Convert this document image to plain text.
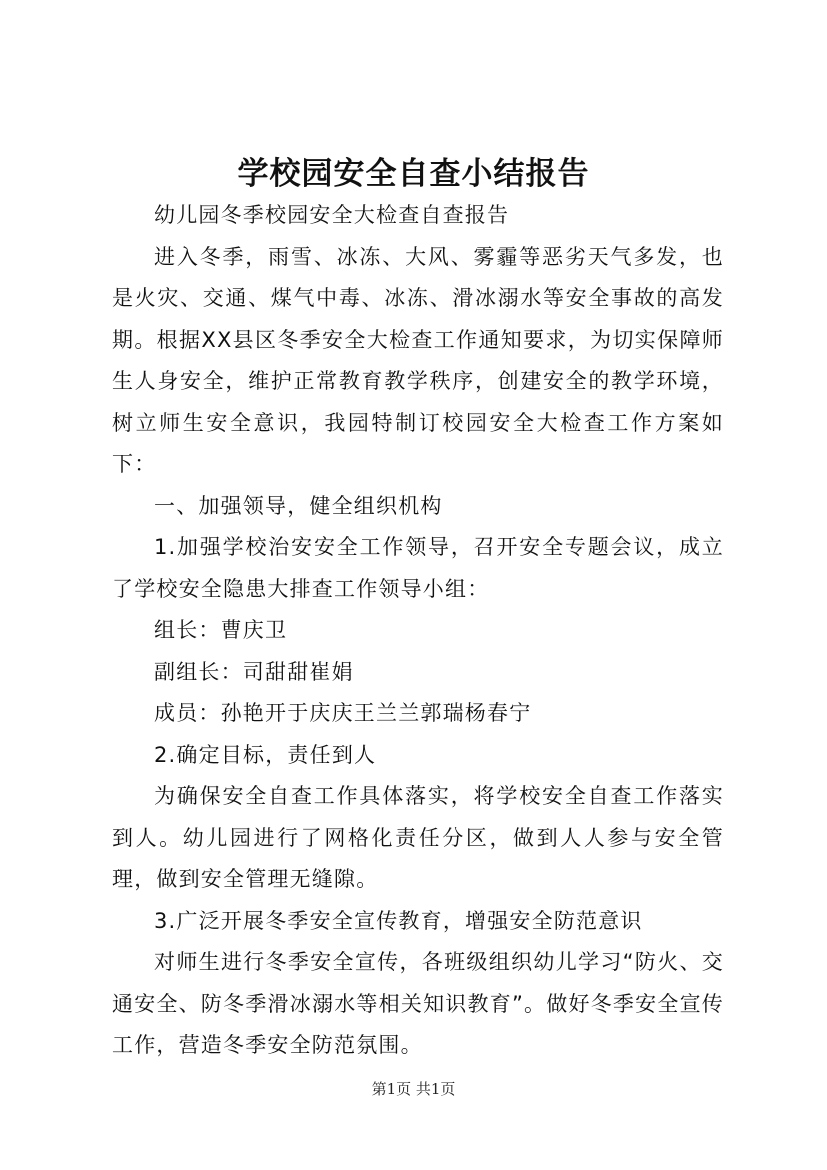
学校园安全自查小结报告

幼儿园冬季校园安全大检查自查报告

进入冬季，雨雪、冰冻、大风、雾霾等恶劣天气多发，也是火灾、交通、煤气中毒、冰冻、滑冰溺水等安全事故的高发期。根据XX县区冬季安全大检查工作通知要求，为切实保障师生人身安全，维护正常教育教学秩序，创建安全的教学环境，树立师生安全意识，我园特制订校园安全大检查工作方案如下：

一、加强领导，健全组织机构

1.加强学校治安安全工作领导，召开安全专题会议，成立了学校安全隐患大排查工作领导小组：

组长：曹庆卫

副组长：司甜甜崔娟

成员：孙艳开于庆庆王兰兰郭瑞杨春宁

2.确定目标，责任到人

为确保安全自查工作具体落实，将学校安全自查工作落实到人。幼儿园进行了网格化责任分区，做到人人参与安全管理，做到安全管理无缝隙。

3.广泛开展冬季安全宣传教育，增强安全防范意识

对师生进行冬季安全宣传，各班级组织幼儿学习“防火、交通安全、防冬季滑冰溺水等相关知识教育”。做好冬季安全宣传工作，营造冬季安全防范氛围。

第1页 共1页
